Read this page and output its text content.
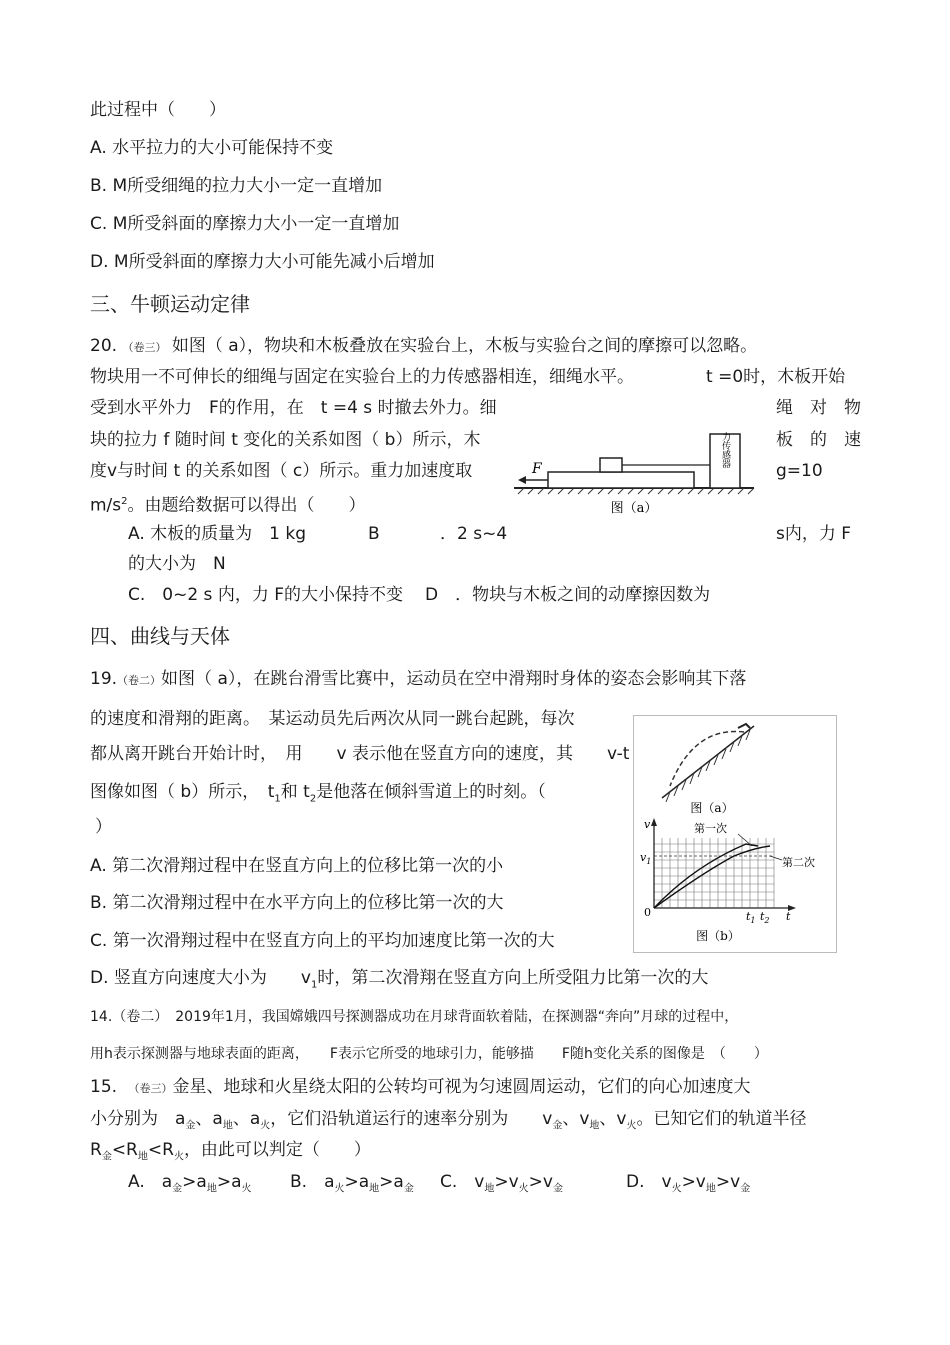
此过程中（　　）
A. 水平拉力的大小可能保持不变
B. M所受细绳的拉力大小一定一直增加
C. M所受斜面的摩擦力大小一定一直增加
D. M所受斜面的摩擦力大小可能先减小后增加
三、牛顿运动定律
20. （卷三） 如图（ a），物块和木板叠放在实验台上，木板与实验台之间的摩擦可以忽略。
物块用一不可伸长的细绳与固定在实验台上的力传感器相连，细绳水平。	t =0时，木板开始
受到水平外力　F的作用，在　t =4 s 时撤去外力。细	绳　对　物
块的拉力 f 随时间 t 变化的关系如图（ b）所示，木	板　的　速
度v与时间 t 的关系如图（ c）所示。重力加速度取	g=10
$m/s^2$。由题给数据可以得出（　　）
A. 木板的质量为　1 kg	B	．2 s~4	s内，力 F
的大小为　N
C.　0~2 s 内，力 F的大小保持不变 D　．物块与木板之间的动摩擦因数为
力传感器
F
图（a）
四、曲线与天体
19.（卷二）如图（ a），在跳台滑雪比赛中，运动员在空中滑翔时身体的姿态会影响其下落
的速度和滑翔的距离。　某运动员先后两次从同一跳台起跳，每次
都从离开跳台开始计时，　用　　v 表示他在竖直方向的速度，其　　v-t
图像如图（ b）所示，　$t_1$和 $t_2$是他落在倾斜雪道上的时刻。（
）
A. 第二次滑翔过程中在竖直方向上的位移比第一次的小
B. 第二次滑翔过程中在水平方向上的位移比第一次的大
C. 第一次滑翔过程中在竖直方向上的平均加速度比第一次的大
D. 竖直方向速度大小为　　$v_1$时，第二次滑翔在竖直方向上所受阻力比第一次的大
图（a）
v
$v_1$
0
第一次
第二次
$t_1$ $t_2$ t
图（b）
14.（卷二）　2019年1月，我国嫦娥四号探测器成功在月球背面软着陆，在探测器“奔向”月球的过程中，
用h表示探测器与地球表面的距离，　　F表示它所受的地球引力，能够描　　F随h变化关系的图像是　（　　）
15.　 （卷三）金星、地球和火星绕太阳的公转均可视为匀速圆周运动，它们的向心加速度大
小分别为　$a_金$、$a_地$、$a_火$，它们沿轨道运行的速率分别为　　$v_金$、$v_地$、$v_火$。已知它们的轨道半径
$R_金<R_地<R_火$，由此可以判定（　　）
A.　$a_金>a_地>a_火$ B.　$a_火>a_地>a_金$ C.　$v_地>v_火>v_金$	D.　$v_火>v_地>v_金$
